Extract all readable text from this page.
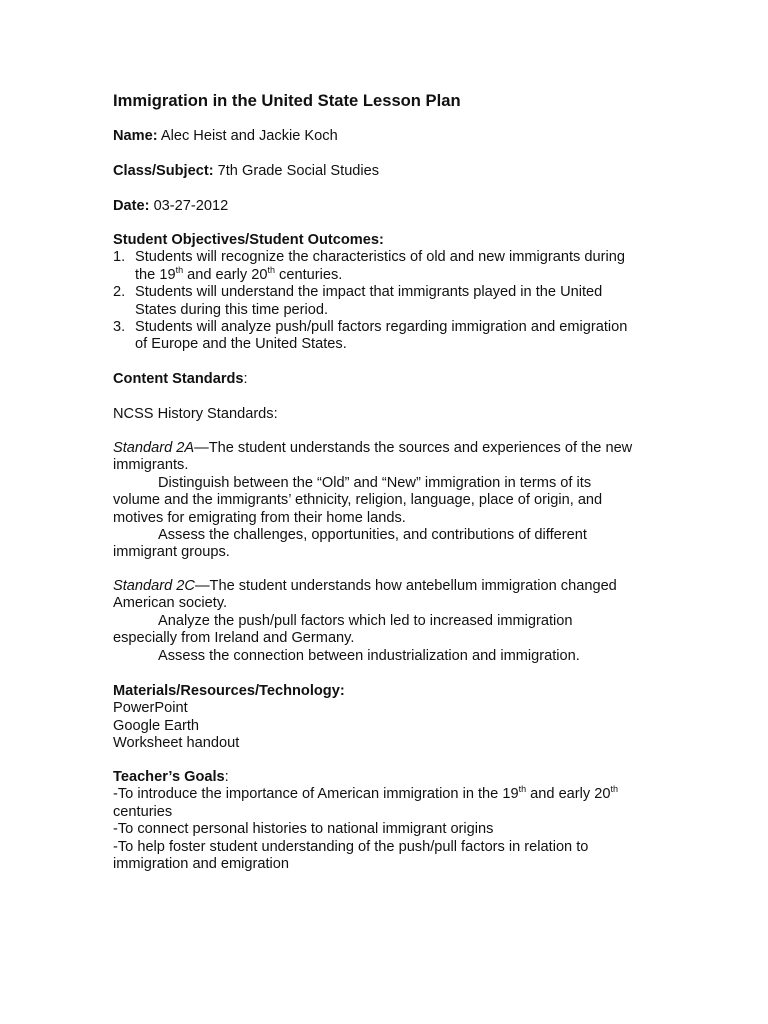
Immigration in the United State Lesson Plan
Name: Alec Heist and Jackie Koch
Class/Subject: 7th Grade Social Studies
Date: 03-27-2012
Student Objectives/Student Outcomes:
1. Students will recognize the characteristics of old and new immigrants during
the 19th and early 20th centuries.
2. Students will understand the impact that immigrants played in the United
States during this time period.
3. Students will analyze push/pull factors regarding immigration and emigration
of Europe and the United States.
Content Standards:
NCSS History Standards:
Standard 2A—The student understands the sources and experiences of the new
immigrants.
Distinguish between the “Old” and “New” immigration in terms of its
volume and the immigrants’ ethnicity, religion, language, place of origin, and
motives for emigrating from their home lands.
Assess the challenges, opportunities, and contributions of different
immigrant groups.
Standard 2C—The student understands how antebellum immigration changed
American society.
Analyze the push/pull factors which led to increased immigration
especially from Ireland and Germany.
Assess the connection between industrialization and immigration.
Materials/Resources/Technology:
PowerPoint
Google Earth
Worksheet handout
Teacher’s Goals:
-To introduce the importance of American immigration in the 19th and early 20th
centuries
-To connect personal histories to national immigrant origins
-To help foster student understanding of the push/pull factors in relation to
immigration and emigration
